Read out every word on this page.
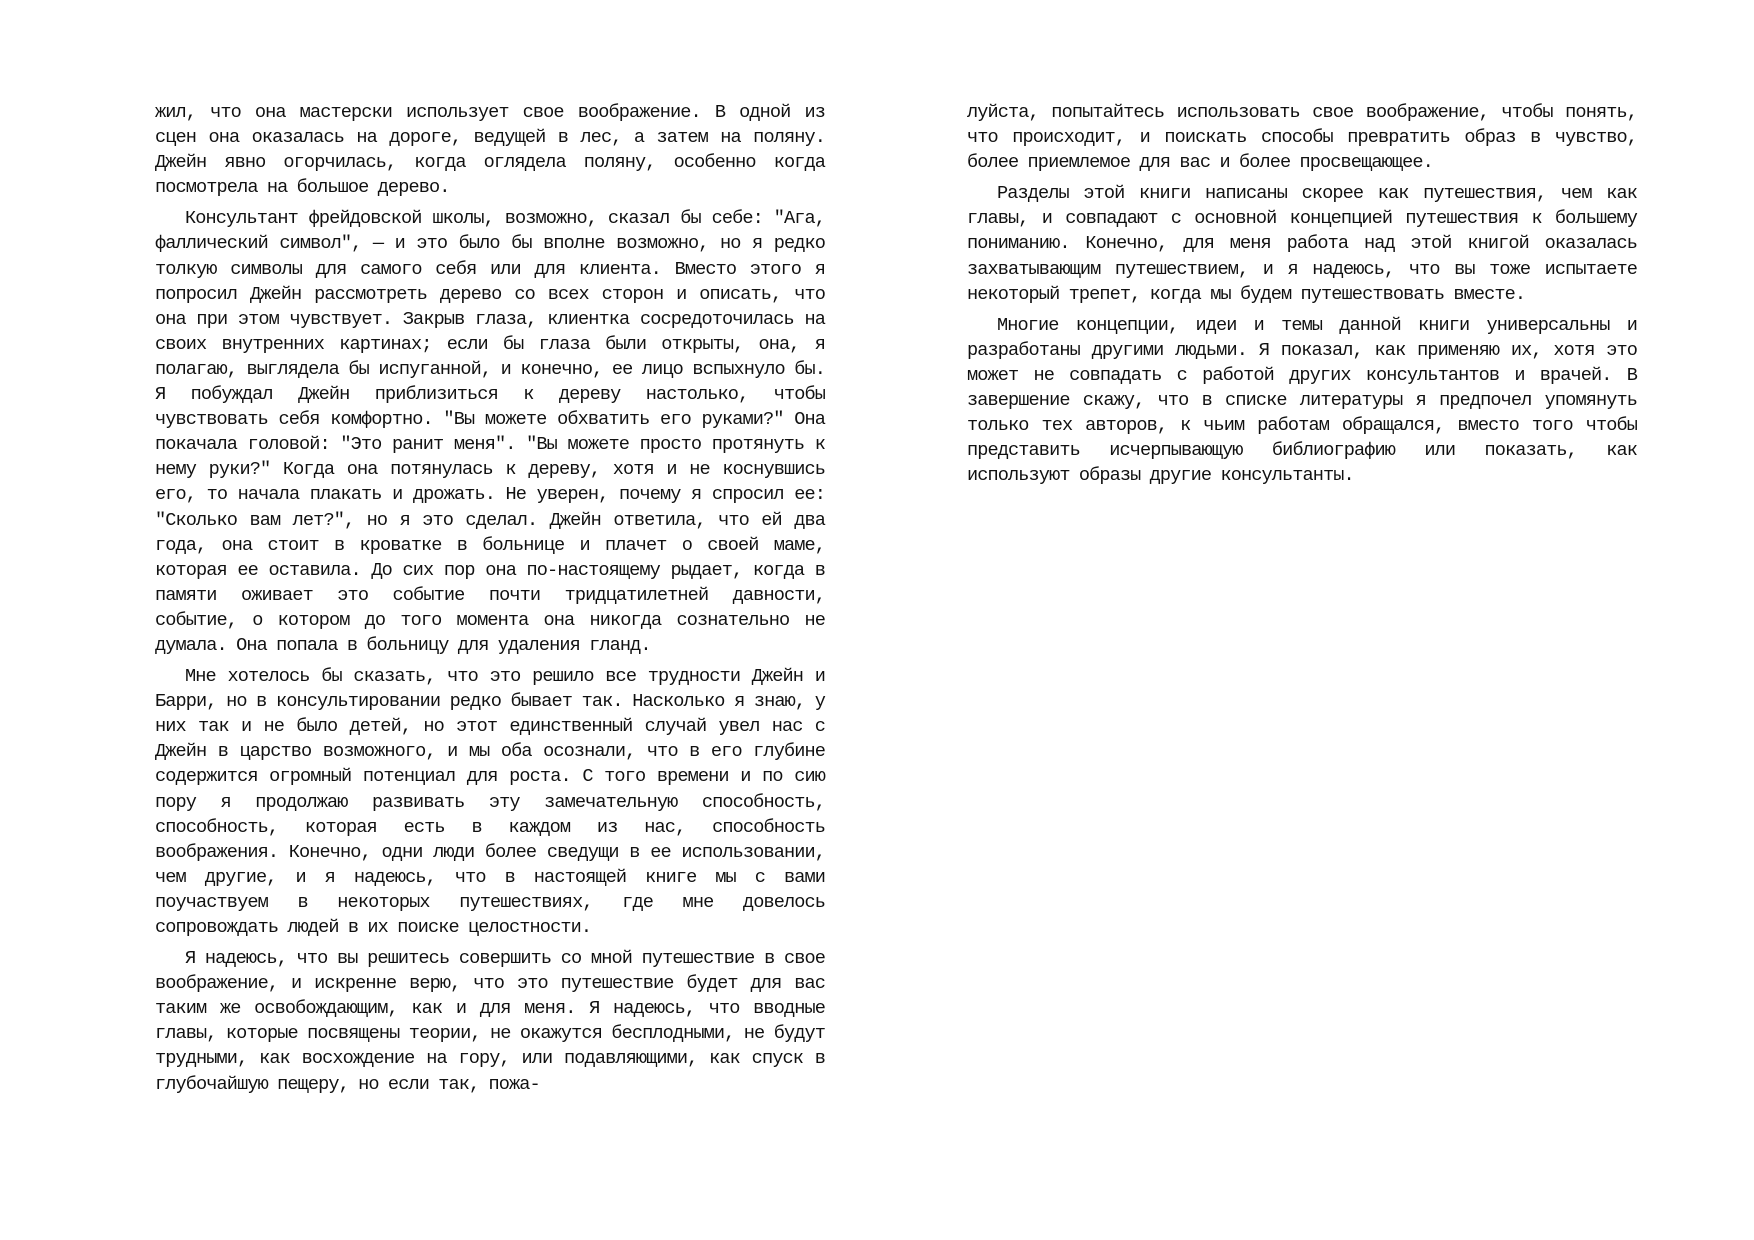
жил, что она мастерски использует свое воображение. В одной из сцен она оказалась на дороге, ведущей в лес, а затем на поляну. Джейн явно огорчилась, когда оглядела поляну, особенно когда посмотрела на большое дерево.

Консультант фрейдовской школы, возможно, сказал бы себе: "Ага, фаллический символ", — и это было бы вполне возможно, но я редко толкую символы для самого себя или для клиента. Вместо этого я попросил Джейн рассмотреть дерево со всех сторон и описать, что она при этом чувствует. Закрыв глаза, клиентка сосредоточилась на своих внутренних картинах; если бы глаза были открыты, она, я полагаю, выглядела бы испуганной, и конечно, ее лицо вспыхнуло бы. Я побуждал Джейн приблизиться к дереву настолько, чтобы чувствовать себя комфортно. "Вы можете обхватить его руками?" Она покачала головой: "Это ранит меня". "Вы можете просто протянуть к нему руки?" Когда она потянулась к дереву, хотя и не коснувшись его, то начала плакать и дрожать. Не уверен, почему я спросил ее: "Сколько вам лет?", но я это сделал. Джейн ответила, что ей два года, она стоит в кроватке в больнице и плачет о своей маме, которая ее оставила. До сих пор она по-настоящему рыдает, когда в памяти оживает это событие почти тридцатилетней давности, событие, о котором до того момента она никогда сознательно не думала. Она попала в больницу для удаления гланд.

Мне хотелось бы сказать, что это решило все трудности Джейн и Барри, но в консультировании редко бывает так. Насколько я знаю, у них так и не было детей, но этот единственный случай увел нас с Джейн в царство возможного, и мы оба осознали, что в его глубине содержится огромный потенциал для роста. С того времени и по сию пору я продолжаю развивать эту замечательную способность, способность, которая есть в каждом из нас, способность воображения. Конечно, одни люди более сведущи в ее использовании, чем другие, и я надеюсь, что в настоящей книге мы с вами поучаствуем в некоторых путешествиях, где мне довелось сопровождать людей в их поиске целостности.

Я надеюсь, что вы решитесь совершить со мной путешествие в свое воображение, и искренне верю, что это путешествие будет для вас таким же освобождающим, как и для меня. Я надеюсь, что вводные главы, которые посвящены теории, не окажутся бесплодными, не будут трудными, как восхождение на гору, или подавляющими, как спуск в глубочайшую пещеру, но если так, пожа-

луйста, попытайтесь использовать свое воображение, чтобы понять, что происходит, и поискать способы превратить образ в чувство, более приемлемое для вас и более просвещающее.

Разделы этой книги написаны скорее как путешествия, чем как главы, и совпадают с основной концепцией путешествия к большему пониманию. Конечно, для меня работа над этой книгой оказалась захватывающим путешествием, и я надеюсь, что вы тоже испытаете некоторый трепет, когда мы будем путешествовать вместе.

Многие концепции, идеи и темы данной книги универсальны и разработаны другими людьми. Я показал, как применяю их, хотя это может не совпадать с работой других консультантов и врачей. В завершение скажу, что в списке литературы я предпочел упомянуть только тех авторов, к чьим работам обращался, вместо того чтобы представить исчерпывающую библиографию или показать, как используют образы другие консультанты.
